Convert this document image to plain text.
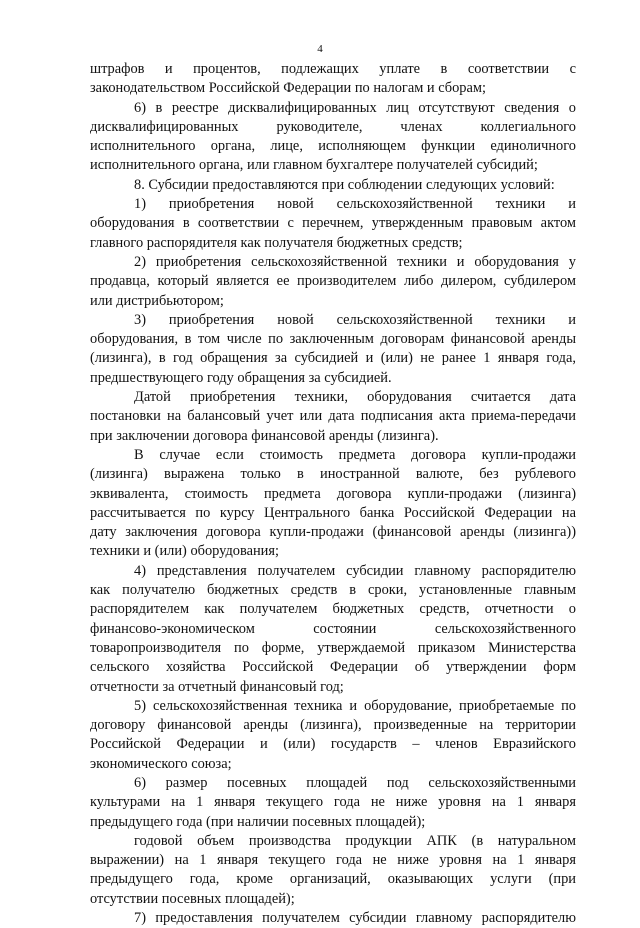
4
штрафов и процентов, подлежащих уплате в соответствии с
законодательством Российской Федерации по налогам и сборам;
6) в реестре дисквалифицированных лиц отсутствуют сведения о
дисквалифицированных руководителе, членах коллегиального
исполнительного органа, лице, исполняющем функции единоличного
исполнительного органа, или главном бухгалтере получателей субсидий;
8. Субсидии предоставляются при соблюдении следующих условий:
1) приобретения новой сельскохозяйственной техники и
оборудования в соответствии с перечнем, утвержденным правовым актом
главного распорядителя как получателя бюджетных средств;
2) приобретения сельскохозяйственной техники и оборудования у
продавца, который является ее производителем либо дилером, субдилером
или дистрибьютором;
3) приобретения новой сельскохозяйственной техники и
оборудования, в том числе по заключенным договорам финансовой аренды
(лизинга), в год обращения за субсидией и (или) не ранее 1 января года,
предшествующего году обращения за субсидией.
Датой приобретения техники, оборудования считается дата
постановки на балансовый учет или дата подписания акта приема-передачи
при заключении договора финансовой аренды (лизинга).
В случае если стоимость предмета договора купли-продажи
(лизинга) выражена только в иностранной валюте, без рублевого
эквивалента, стоимость предмета договора купли-продажи (лизинга)
рассчитывается по курсу Центрального банка Российской Федерации на
дату заключения договора купли-продажи (финансовой аренды (лизинга))
техники и (или) оборудования;
4) представления получателем субсидии главному распорядителю
как получателю бюджетных средств в сроки, установленные главным
распорядителем как получателем бюджетных средств, отчетности о
финансово-экономическом состоянии сельскохозяйственного
товаропроизводителя по форме, утверждаемой приказом Министерства
сельского хозяйства Российской Федерации об утверждении форм
отчетности за отчетный финансовый год;
5) сельскохозяйственная техника и оборудование, приобретаемые по
договору финансовой аренды (лизинга), произведенные на территории
Российской Федерации и (или) государств – членов Евразийского
экономического союза;
6) размер посевных площадей под сельскохозяйственными
культурами на 1 января текущего года не ниже уровня на 1 января
предыдущего года (при наличии посевных площадей);
годовой объем производства продукции АПК (в натуральном
выражении) на 1 января текущего года не ниже уровня на 1 января
предыдущего года, кроме организаций, оказывающих услуги (при
отсутствии посевных площадей);
7) предоставления получателем субсидии главному распорядителю
